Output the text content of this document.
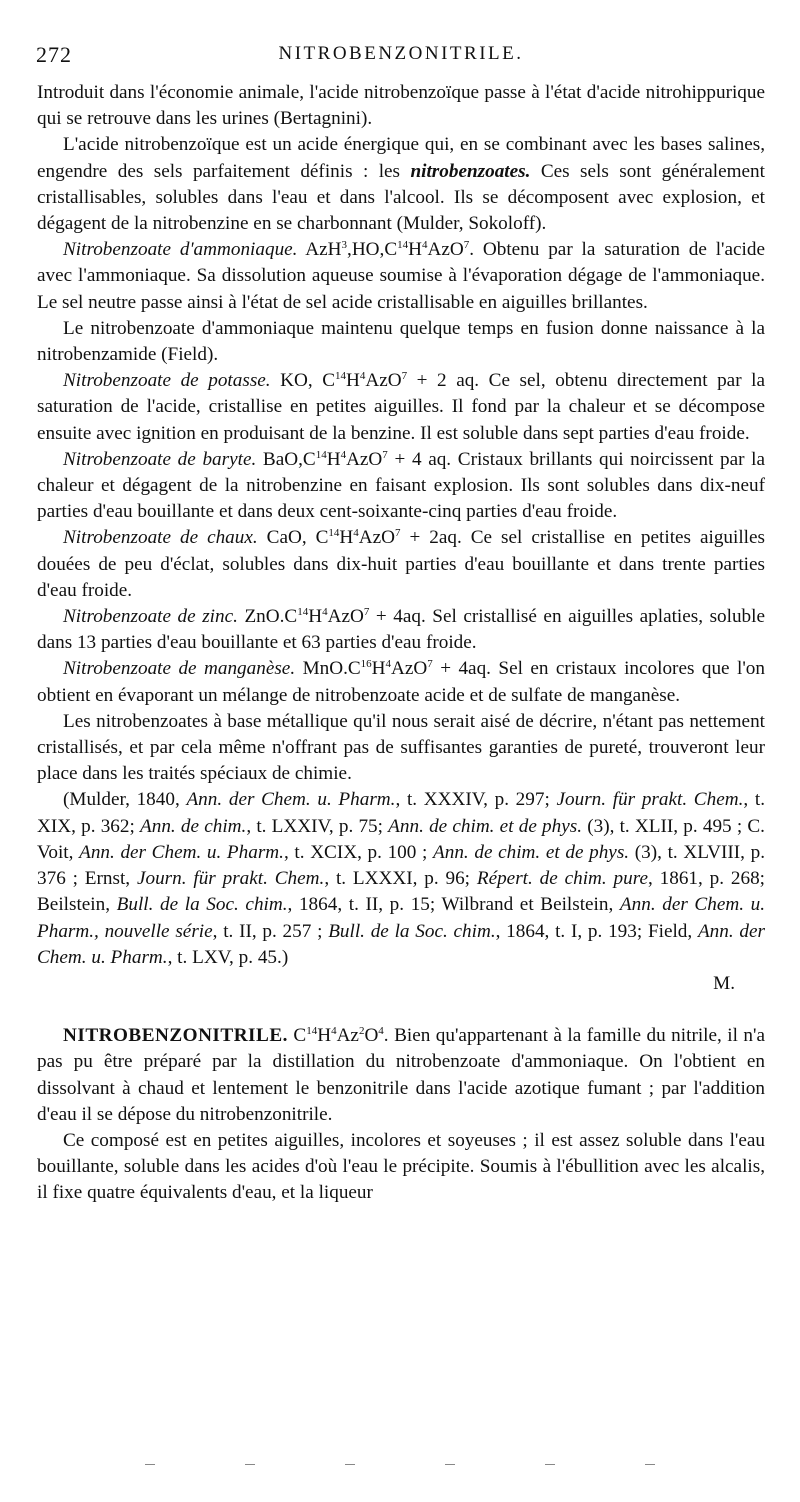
272	NITROBENZONITRILE.

Introduit dans l'économie animale, l'acide nitrobenzoïque passe à l'état d'acide nitrohippurique qui se retrouve dans les urines (Bertagnini).

L'acide nitrobenzoïque est un acide énergique qui, en se combinant avec les bases salines, engendre des sels parfaitement définis : les nitrobenzoates. Ces sels sont généralement cristallisables, solubles dans l'eau et dans l'alcool. Ils se décomposent avec explosion, et dégagent de la nitrobenzine en se charbonnant (Mulder, Sokoloff).

Nitrobenzoate d'ammoniaque. $AzH^3,HO,C^{14}H^4AzO^7$. Obtenu par la saturation de l'acide avec l'ammoniaque. Sa dissolution aqueuse soumise à l'évaporation dégage de l'ammoniaque. Le sel neutre passe ainsi à l'état de sel acide cristallisable en aiguilles brillantes.

Le nitrobenzoate d'ammoniaque maintenu quelque temps en fusion donne naissance à la nitrobenzamide (Field).

Nitrobenzoate de potasse. KO, $C^{14}H^4AzO^7 + 2$ aq. Ce sel, obtenu directement par la saturation de l'acide, cristallise en petites aiguilles. Il fond par la chaleur et se décompose ensuite avec ignition en produisant de la benzine. Il est soluble dans sept parties d'eau froide.

Nitrobenzoate de baryte. $BaO,C^{14}H^4AzO^7 + 4$ aq. Cristaux brillants qui noircissent par la chaleur et dégagent de la nitrobenzine en faisant explosion. Ils sont solubles dans dix-neuf parties d'eau bouillante et dans deux cent-soixante-cinq parties d'eau froide.

Nitrobenzoate de chaux. CaO, $C^{14}H^4AzO^7 + 2aq$. Ce sel cristallise en petites aiguilles douées de peu d'éclat, solubles dans dix-huit parties d'eau bouillante et dans trente parties d'eau froide.

Nitrobenzoate de zinc. $ZnO.C^{14}H^4AzO^7 + 4aq$. Sel cristallisé en aiguilles aplaties, soluble dans 13 parties d'eau bouillante et 63 parties d'eau froide.

Nitrobenzoate de manganèse. $MnO.C^{16}H^4AzO^7 + 4aq$. Sel en cristaux incolores que l'on obtient en évaporant un mélange de nitrobenzoate acide et de sulfate de manganèse.

Les nitrobenzoates à base métallique qu'il nous serait aisé de décrire, n'étant pas nettement cristallisés, et par cela même n'offrant pas de suffisantes garanties de pureté, trouveront leur place dans les traités spéciaux de chimie.

(Mulder, 1840, Ann. der Chem. u. Pharm., t. XXXIV, p. 297; Journ. für prakt. Chem., t. XIX, p. 362; Ann. de chim., t. LXXIV, p. 75; Ann. de chim. et de phys. (3), t. XLII, p. 495 ; C. Voit, Ann. der Chem. u. Pharm., t. XCIX, p. 100 ; Ann. de chim. et de phys. (3), t. XLVIII, p. 376 ; Ernst, Journ. für prakt. Chem., t. LXXXI, p. 96; Répert. de chim. pure, 1861, p. 268; Beilstein, Bull. de la Soc. chim., 1864, t. II, p. 15; Wilbrand et Beilstein, Ann. der Chem. u. Pharm., nouvelle série, t. II, p. 257 ; Bull. de la Soc. chim., 1864, t. I, p. 193; Field, Ann. der Chem. u. Pharm., t. LXV, p. 45.)

M.

NITROBENZONITRILE. $C^{14}H^4Az^2O^4$. Bien qu'appartenant à la famille du nitrile, il n'a pas pu être préparé par la distillation du nitrobenzoate d'ammoniaque. On l'obtient en dissolvant à chaud et lentement le benzonitrile dans l'acide azotique fumant ; par l'addition d'eau il se dépose du nitrobenzonitrile.

Ce composé est en petites aiguilles, incolores et soyeuses ; il est assez soluble dans l'eau bouillante, soluble dans les acides d'où l'eau le précipite. Soumis à l'ébullition avec les alcalis, il fixe quatre équivalents d'eau, et la liqueur
